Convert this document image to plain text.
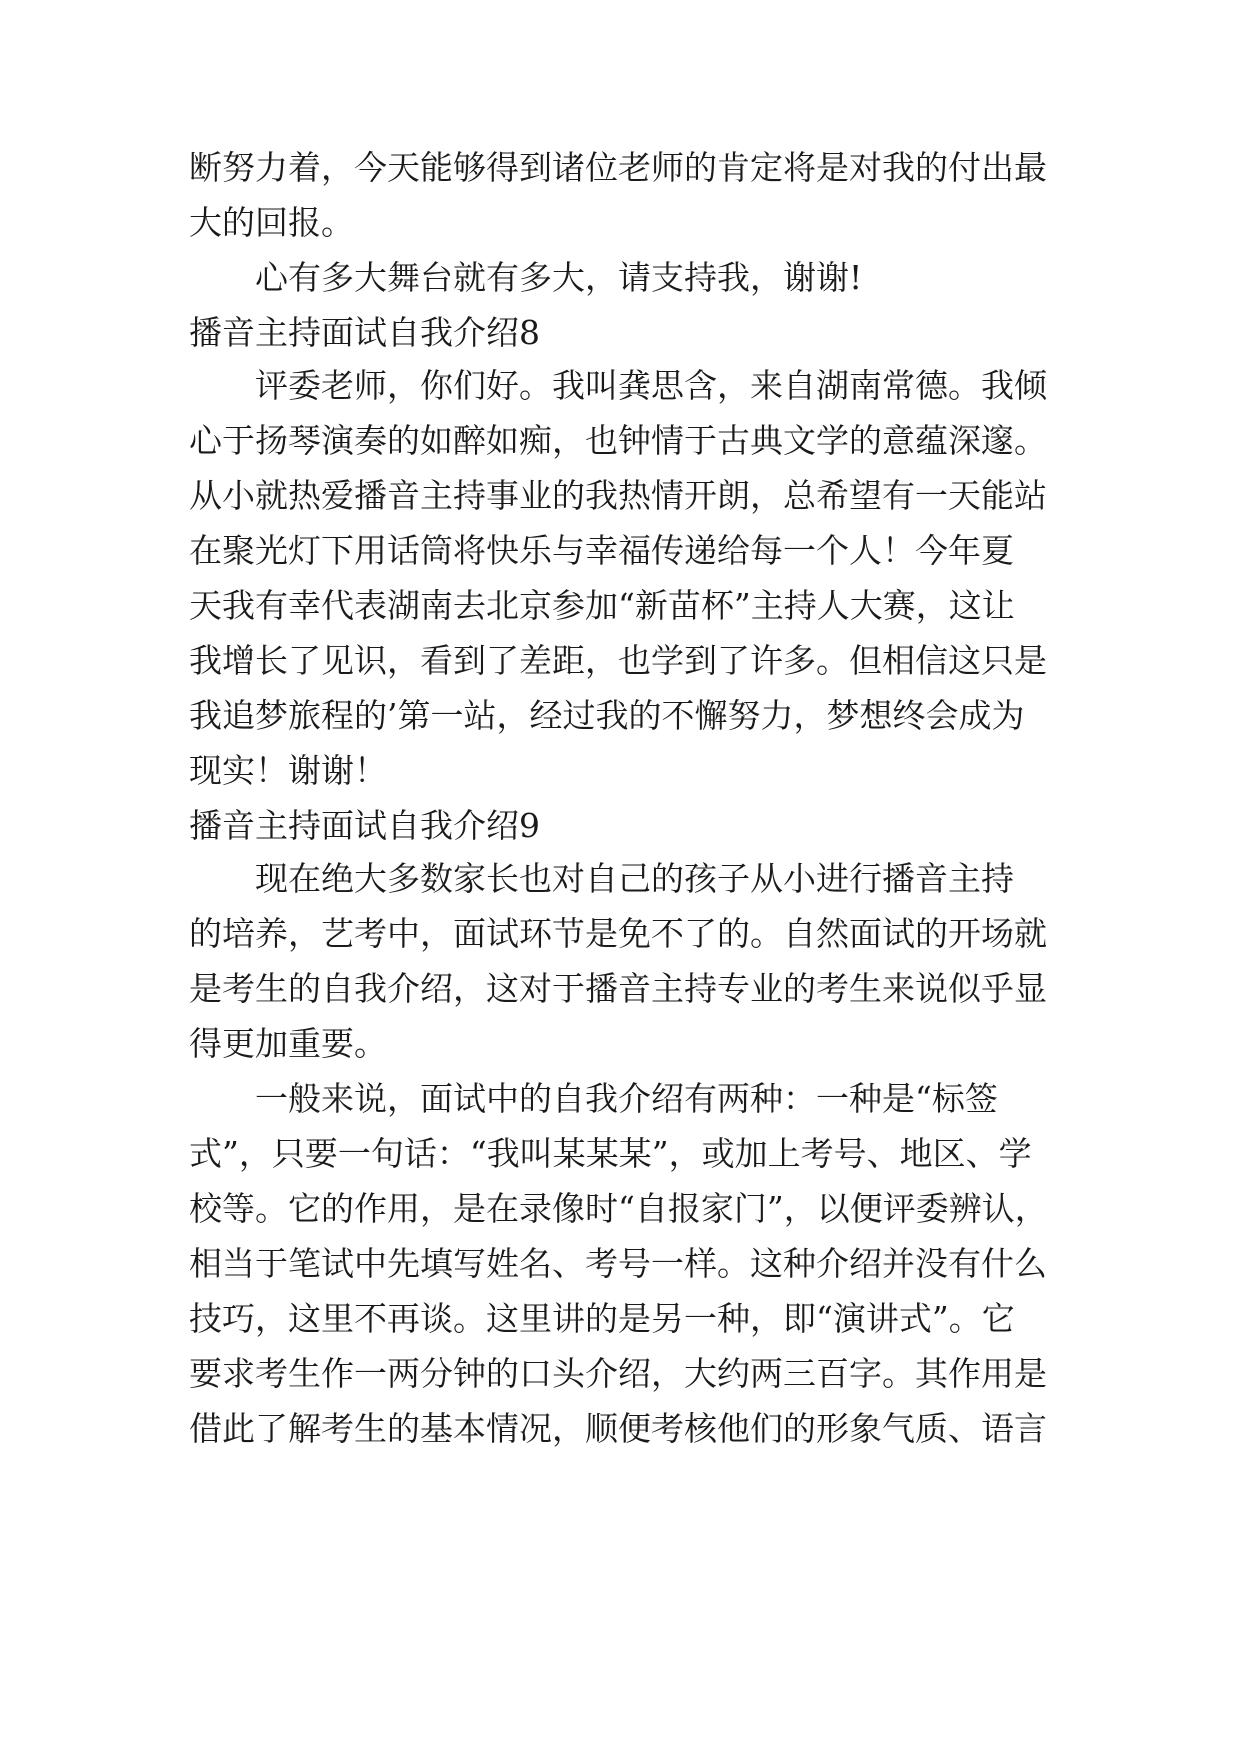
断努力着，今天能够得到诸位老师的肯定将是对我的付出最
大的回报。
心有多大舞台就有多大，请支持我，谢谢!
播音主持面试自我介绍8
评委老师，你们好。我叫龚思含，来自湖南常德。我倾
心于扬琴演奏的如醉如痴，也钟情于古典文学的意蕴深邃。
从小就热爱播音主持事业的我热情开朗，总希望有一天能站
在聚光灯下用话筒将快乐与幸福传递给每一个人！今年夏
天我有幸代表湖南去北京参加“新苗杯”主持人大赛，这让
我增长了见识，看到了差距，也学到了许多。但相信这只是
我追梦旅程的’第一站，经过我的不懈努力，梦想终会成为
现实！谢谢！
播音主持面试自我介绍9
现在绝大多数家长也对自己的孩子从小进行播音主持
的培养，艺考中，面试环节是免不了的。自然面试的开场就
是考生的自我介绍，这对于播音主持专业的考生来说似乎显
得更加重要。
一般来说，面试中的自我介绍有两种：一种是“标签
式”，只要一句话：“我叫某某某”，或加上考号、地区、学
校等。它的作用，是在录像时“自报家门”，以便评委辨认，
相当于笔试中先填写姓名、考号一样。这种介绍并没有什么
技巧，这里不再谈。这里讲的是另一种，即“演讲式”。它
要求考生作一两分钟的口头介绍，大约两三百字。其作用是
借此了解考生的基本情况，顺便考核他们的形象气质、语言
